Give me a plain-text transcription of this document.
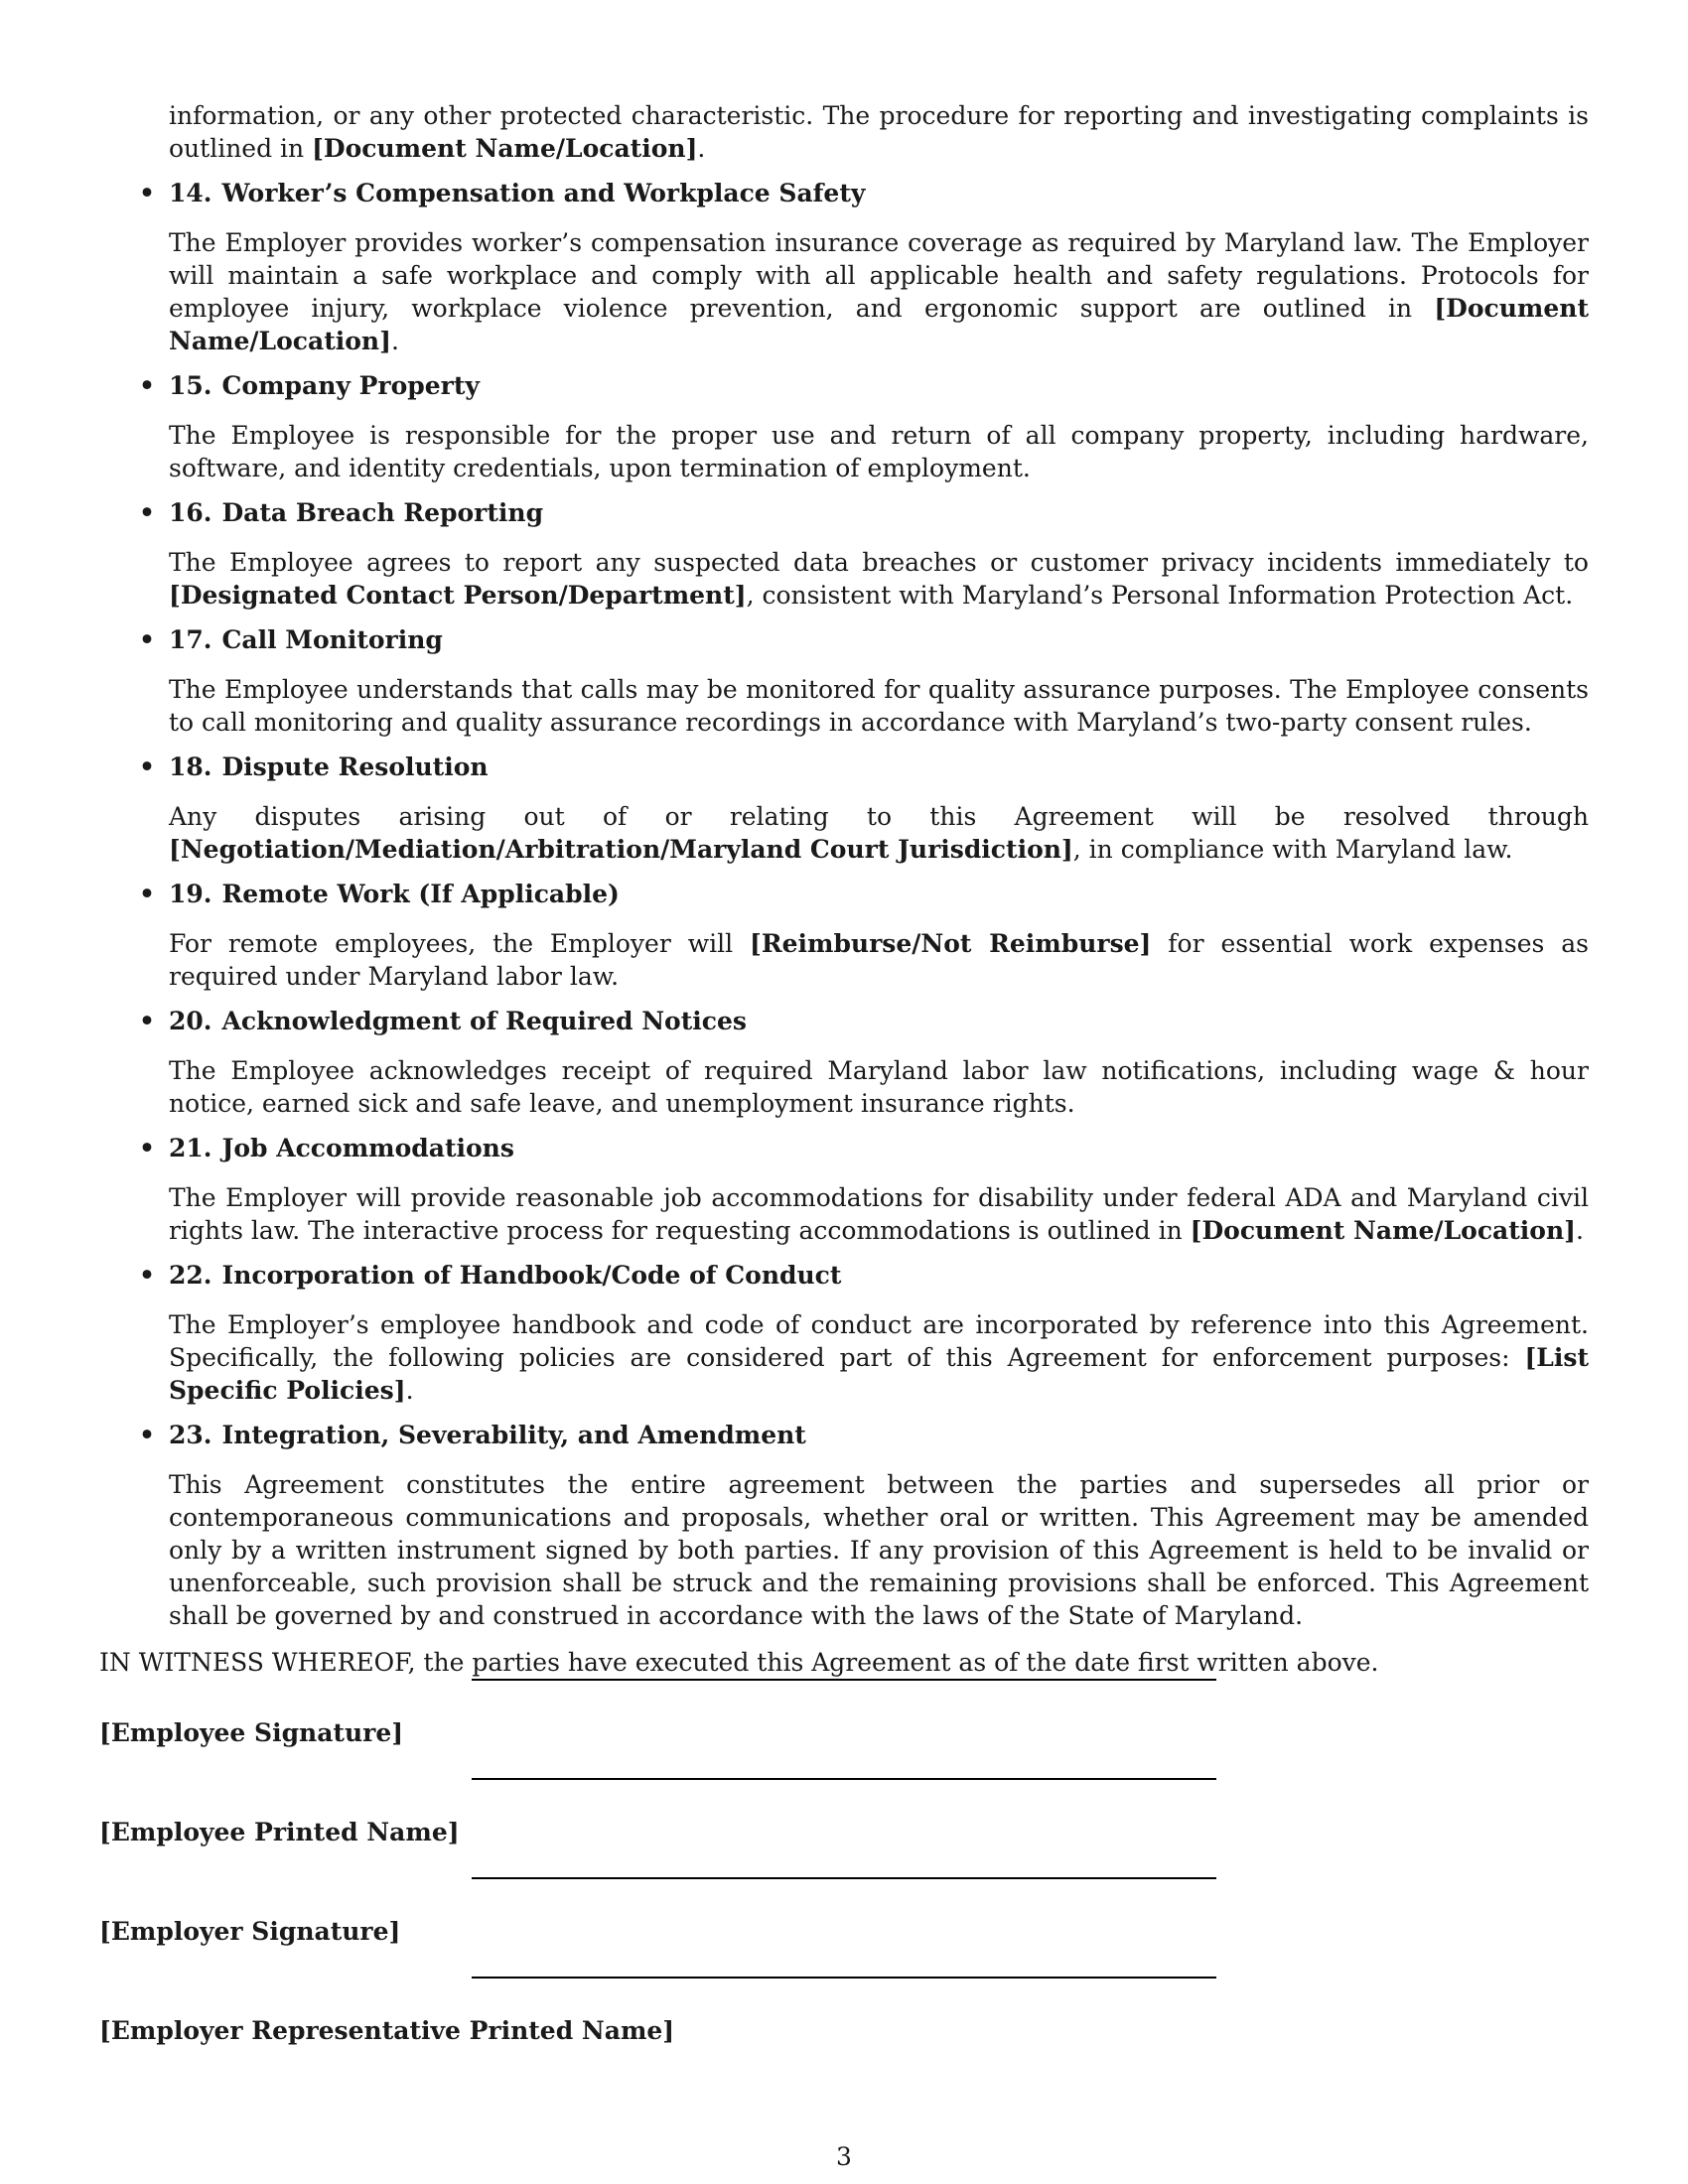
information, or any other protected characteristic. The procedure for reporting and investigating complaints is outlined in [Document Name/Location].

• 14. Worker’s Compensation and Workplace Safety
The Employer provides worker’s compensation insurance coverage as required by Maryland law. The Employer will maintain a safe workplace and comply with all applicable health and safety regulations. Protocols for employee injury, workplace violence prevention, and ergonomic support are outlined in [Document Name/Location].
• 15. Company Property
The Employee is responsible for the proper use and return of all company property, including hardware, software, and identity credentials, upon termination of employment.
• 16. Data Breach Reporting
The Employee agrees to report any suspected data breaches or customer privacy incidents immediately to [Designated Contact Person/Department], consistent with Maryland’s Personal Information Protection Act.
• 17. Call Monitoring
The Employee understands that calls may be monitored for quality assurance purposes. The Employee consents to call monitoring and quality assurance recordings in accordance with Maryland’s two-party consent rules.
• 18. Dispute Resolution
Any disputes arising out of or relating to this Agreement will be resolved through [Negotiation/Mediation/Arbitration/Maryland Court Jurisdiction], in compliance with Maryland law.
• 19. Remote Work (If Applicable)
For remote employees, the Employer will [Reimburse/Not Reimburse] for essential work expenses as required under Maryland labor law.
• 20. Acknowledgment of Required Notices
The Employee acknowledges receipt of required Maryland labor law notifications, including wage & hour notice, earned sick and safe leave, and unemployment insurance rights.
• 21. Job Accommodations
The Employer will provide reasonable job accommodations for disability under federal ADA and Maryland civil rights law. The interactive process for requesting accommodations is outlined in [Document Name/Location].
• 22. Incorporation of Handbook/Code of Conduct
The Employer’s employee handbook and code of conduct are incorporated by reference into this Agreement. Specifically, the following policies are considered part of this Agreement for enforcement purposes: [List Specific Policies].
• 23. Integration, Severability, and Amendment
This Agreement constitutes the entire agreement between the parties and supersedes all prior or contemporaneous communications and proposals, whether oral or written. This Agreement may be amended only by a written instrument signed by both parties. If any provision of this Agreement is held to be invalid or unenforceable, such provision shall be struck and the remaining provisions shall be enforced. This Agreement shall be governed by and construed in accordance with the laws of the State of Maryland.

IN WITNESS WHEREOF, the parties have executed this Agreement as of the date first written above.

[Employee Signature]
[Employee Printed Name]
[Employer Signature]
[Employer Representative Printed Name]
3
